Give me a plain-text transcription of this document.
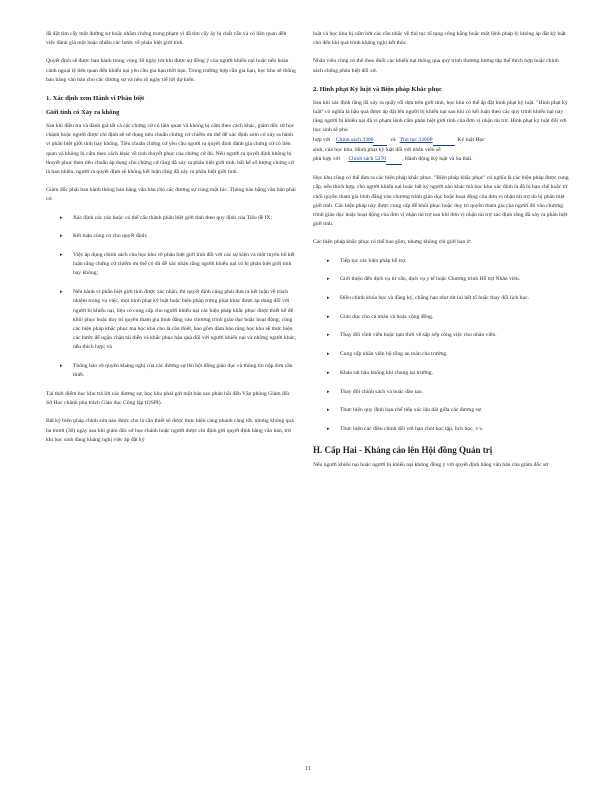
đã đột tìm cấy một đường sư hoặc nhằm chứng trong phạm vi đã tìm cấy ây bị chất vẫn và có liên quan đến việc đánh giá một hoặc nhiều các bước về phân biệt giới tính.

Quyết định sẽ được ban hành trong vòng 30 ngày trừ khi được sự đồng ý của người khiếu nại hoặc nếu hoàn cảnh ngoại lệ liên quan đến khiếu nại yêu cầu gia hạn thời hạn. Trong trường hợp cần gia hạn, học khu sẽ thông báo bằng văn bản cho các đương sự và nêu rõ ngày trễ lời dự kiến.

1. Xác định xem Hành vi Phân biệt
Giới tính có Xảy ra không

Sau khi điều tra và đánh giá tất cả các chứng cứ có liên quan và không bị cấm theo cách khác, giám đốc sở học chánh hoặc người được chỉ định sẽ sử dụng tiêu chuẩn chứng cứ chiếm ưu thế để xác định xem có xảy ra hành vi phân biệt giới tính hay không. Tiêu chuẩn chứng cứ yêu cầu người ra quyết định đánh giá chứng cứ có liên quan và không bị cấm theo cách khác về tính thuyết phục của chứng cứ đó. Nếu người ra quyết định không bị thuyết phục theo tiêu chuẩn áp dụng cho chứng cứ rằng đã xảy ra phân biệt giới tính, bất kể số lượng chứng cứ là bao nhiêu, người ra quyết định sẽ không kết luận rằng đã xảy ra phân biệt giới tính.

Giám đốc phải ban hành thông báo bằng văn bản cho các đương sự cùng một lúc. Thông báo bằng văn bản phải có:

▸ Xác định các cáo buộc có thể cấu thành phân biệt giới tính theo quy định của Tiêu đề IX;
▸ Kết luận cùng cơ cho quyết định;
▸ Việc áp dụng chính sách của học khu về phân biệt giới tính đối với các sự kiện và một tuyên bố kết luận rằng chứng cứ chiếm ưu thế có đủ để xác nhận rằng người khiếu nại có bị phân biệt giới tính hay không;
▸ Nếu hành vi phân biệt giới tính được xác nhận, thì quyết định cũng phải đưa ra kết luận về trách nhiệm trong vụ việc, mọi hình phạt kỷ luật hoặc biện pháp trừng phạt khác được áp dụng đối với người bị khiếu nại, liệu có cung cấp cho người khiếu nại các biện pháp khắc phục được thiết kế để khôi phục hoặc duy trì quyền tham gia bình đẳng vào chương trình giáo dục hoặc hoạt động; cùng các biện pháp khắc phục mà học khu cho là cần thiết, bao gồm đảm bảo rằng học khu sẽ thực hiện các bước để ngăn chặn tái diễn và khắc phục hậu quả đối với người khiếu nại và những người khác, nếu thích hợp; và
▸ Thông báo về quyền kháng nghị của các đương sự lên hội đồng giáo dục và thông tin nộp đơn cần thiết.

Tại thời điểm học khu trả lời các đương sự, học khu phải gửi một bản sao phản hồi đến Văn phòng Giám đốc Sở Học chánh phụ trách Giáo dục Công lập (OSPI).

Bất kỳ biện pháp chính sửa nào được cho là cần thiết sẽ được thực hiện càng nhanh càng tốt, nhưng không quá ba mươi (30) ngày sau khi giám đốc sở học chánh hoặc người được chỉ định gửi quyết định bằng văn bản, trừ khi học sinh đang kháng nghị việc áp đặt kỷ

luật và học khu bị cấm bởi các cần nhắc về thủ tục tố tụng công bằng hoặc một lệnh pháp lý không áp đặt kỷ luật cho đến khi quá trình kháng nghị kết thúc.

Nhân viên cũng có thể theo đuổi các khiếu nại thông qua quy trình thương lượng tập thể thích hợp hoặc chính sách chống phân biệt đối xử.

2. Hình phạt Kỷ luật và Biện pháp Khắc phục
Sau khi xác định rằng đã xảy ra quấy rối dựa trên giới tính, học khu có thể áp đặt hình phạt kỷ luật. "Hình phạt kỷ luật" có nghĩa là hậu quả được áp đặt lên người bị khiếu nại sau khi có kết luận theo các quy trình khiếu nại này rằng người bị khiếu nại đã vi phạm lệnh cấm phân biệt giới tính của đơn vị nhận tài trợ. Hình phạt kỷ luật đối với học sinh sẽ phù
hợp với Chính sách 3300	và Thủ tục 3300P	Kỷ luật Học
sinh, của học khu. Hình phạt kỷ luật đối với nhân viên sẽ

phù hợp với Chính sách 5270	, Hành động Kỷ luật và Sa thải.

Học khu cũng có thể đưa ra các biện pháp khắc phục. "Biện pháp khắc phục" có nghĩa là các biện pháp được cung cấp, nếu thích hợp, cho người khiếu nại hoặc bất kỳ người nào khác mà học khu xác định là đã bị hạn chế hoặc từ chối quyền tham gia bình đẳng vào chương trình giáo dục hoặc hoạt động của đơn vị nhận tài trợ do bị phân biệt giới tính. Các biện pháp này được cung cấp để khôi phục hoặc duy trì quyền tham gia của người đó vào chương trình giáo dục hoặc hoạt động của đơn vị nhận tài trợ sau khi đơn vị nhận tài trợ xác định rằng đã xảy ra phân biệt giới tính.

Các biện pháp khắc phục có thể bao gồm, nhưng không chỉ giới hạn ở:

▸ Tiếp tục các biện pháp hỗ trợ.
▸ Giới thiệu đến dịch vụ tư vấn, dịch vụ y tế hoặc Chương trình Hỗ trợ Nhân viên.
▸ Điều chỉnh khóa học và đăng ký, chẳng hạn như rút lui hết tố hoặc thay đổi lịch học.
▸ Giáo dục cho cá nhân và hoặc cộng đồng.
▸ Thay đổi vĩnh viễn hoặc tạm thời về sắp xếp công việc cho nhân viên.
▸ Cung cấp nhân viên hộ tống an toàn của trường.
▸ Khảo sát bầu không khí chung tại trường.
▸ Thay đổi chính sách và hoặc đào tạo.
▸ Thực hiện quy định hạn chế tiếp xúc lâu dài giữa các đương sự.
▸ Thực hiện các điều chỉnh đối với hạn chót học tập, lịch học, v.v.
H. Cấp Hai - Kháng cáo lên Hội đồng Quản trị

Nếu người khiếu nại hoặc người bị khiếu nại không đồng ý với quyết định bằng văn bản của giám đốc sở

11
